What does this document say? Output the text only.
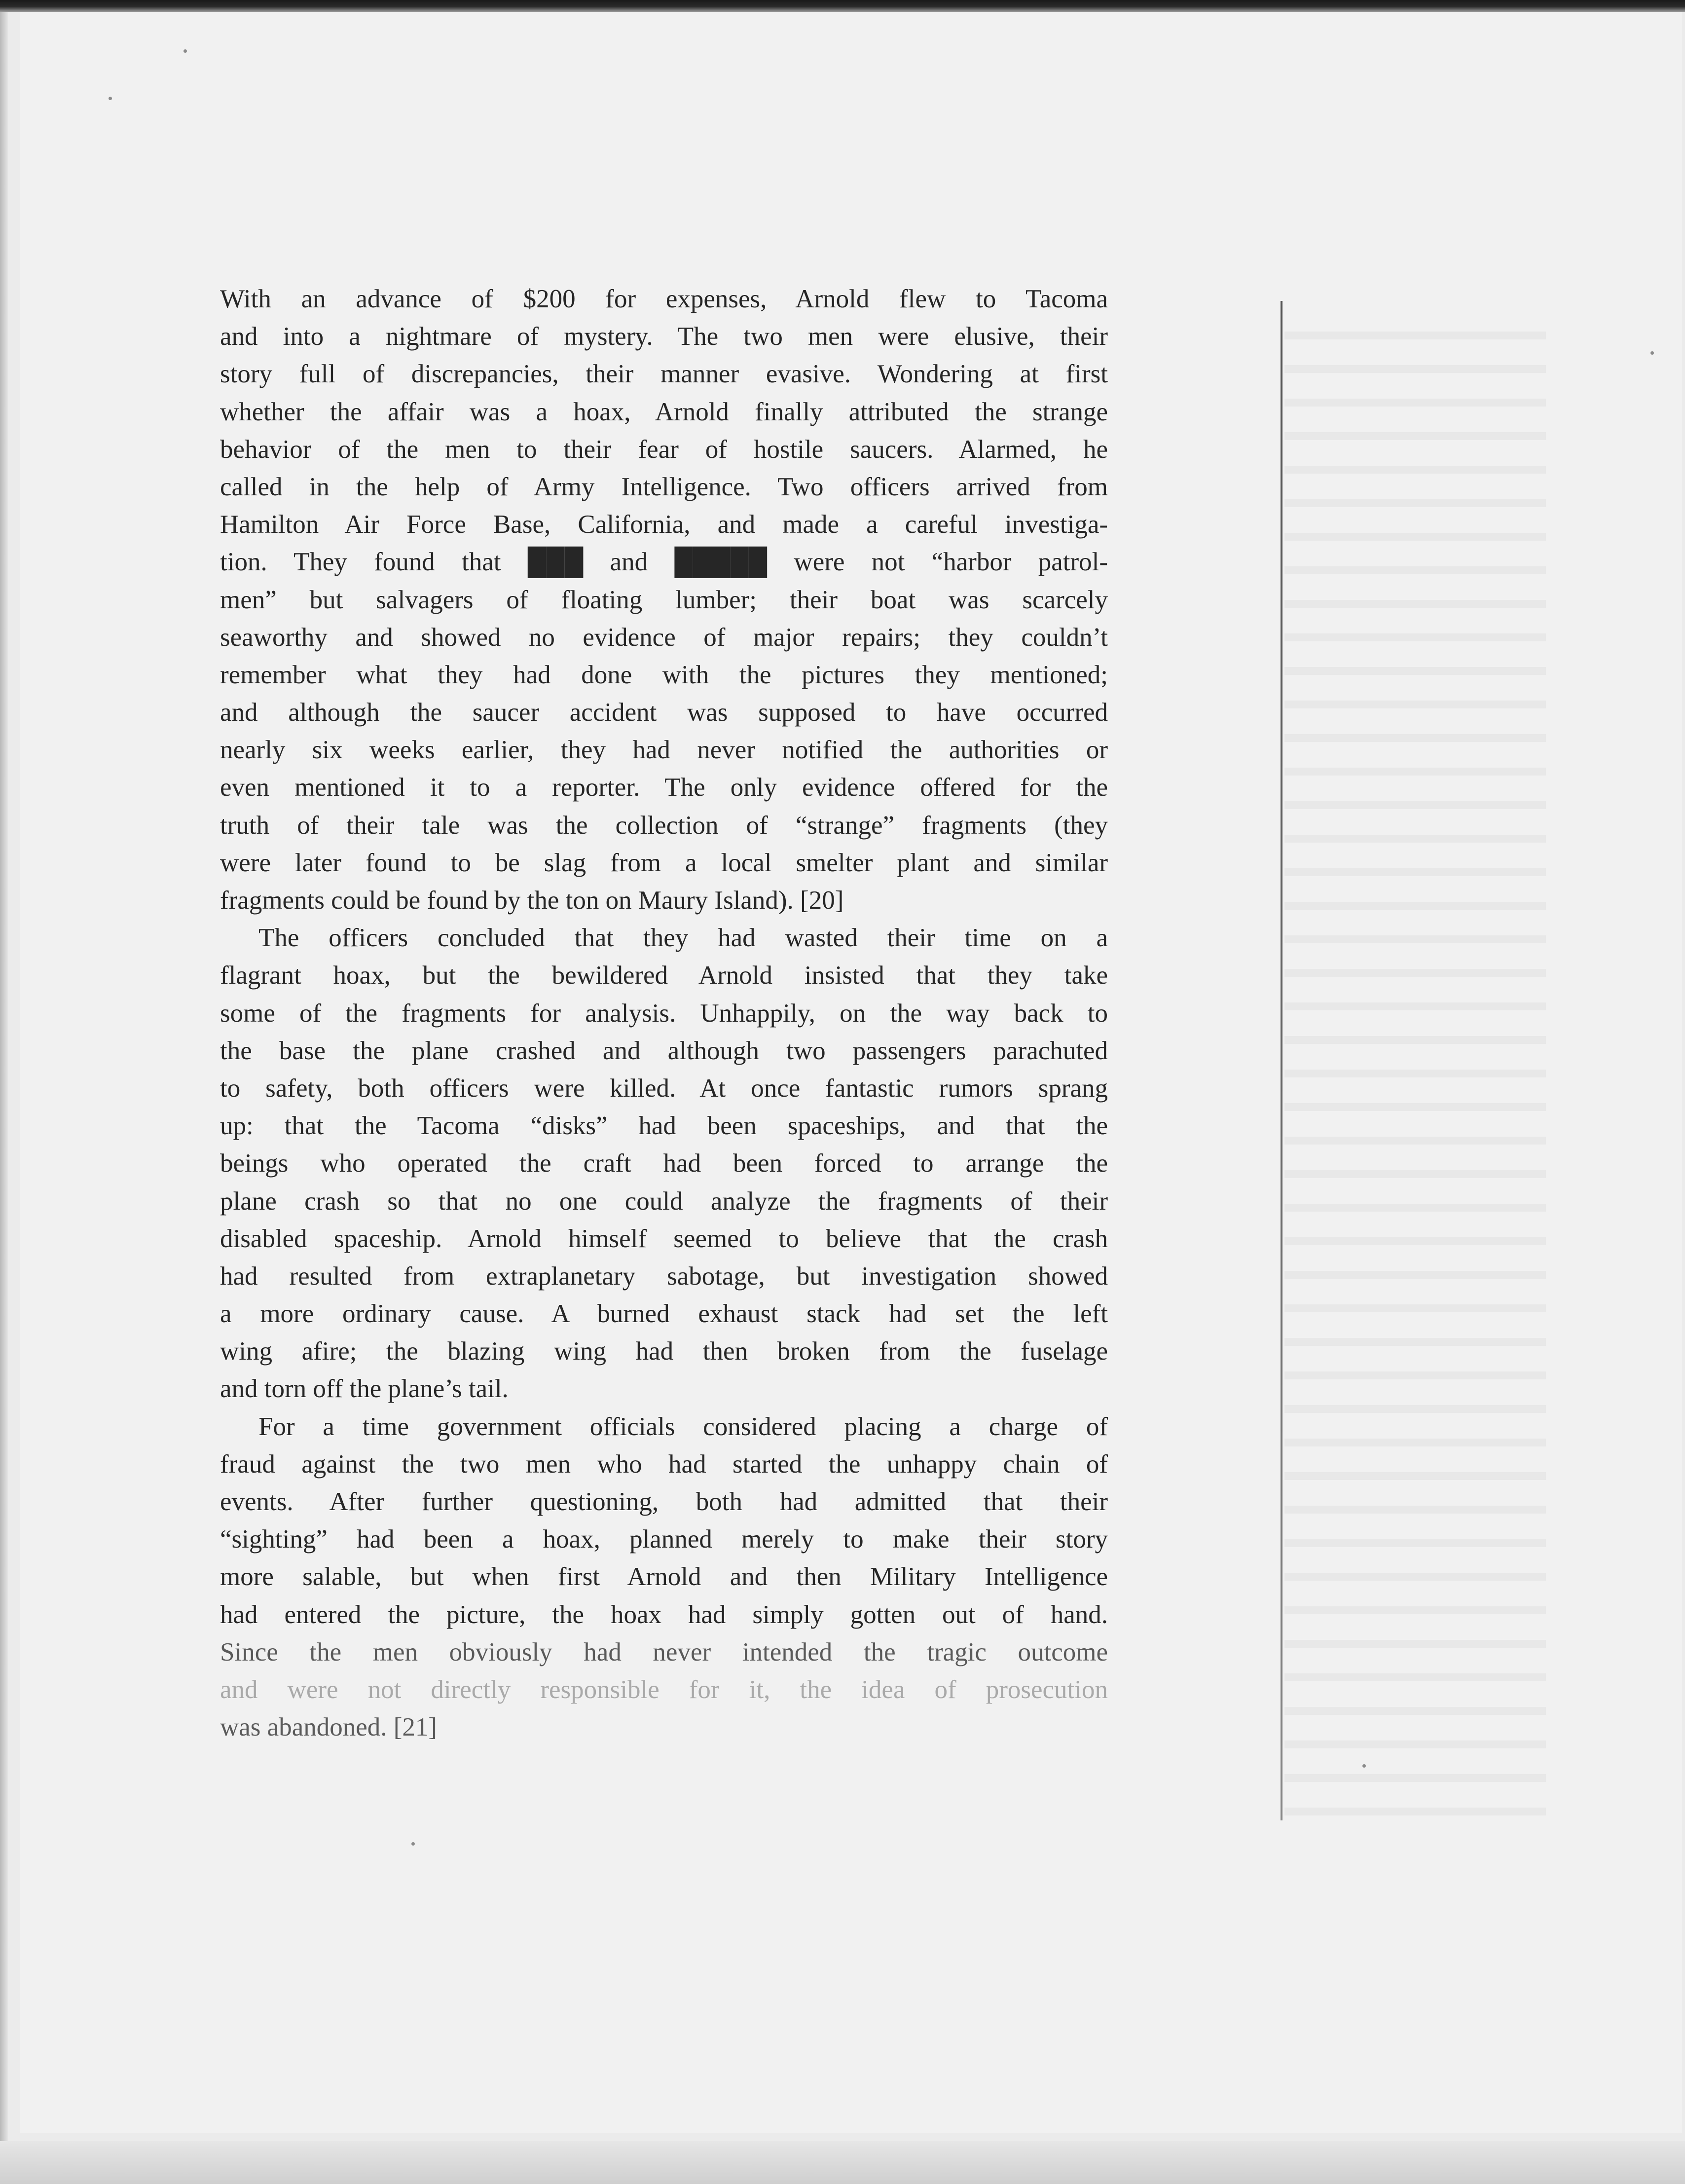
With an advance of $200 for expenses, Arnold flew to Tacoma
and into a nightmare of mystery. The two men were elusive, their
story full of discrepancies, their manner evasive. Wondering at first
whether the affair was a hoax, Arnold finally attributed the strange
behavior of the men to their fear of hostile saucers. Alarmed, he
called in the help of Army Intelligence. Two officers arrived from
Hamilton Air Force Base, California, and made a careful investiga-
tion. They found that ███ and █████ were not “harbor patrol-
men” but salvagers of floating lumber; their boat was scarcely
seaworthy and showed no evidence of major repairs; they couldn’t
remember what they had done with the pictures they mentioned;
and although the saucer accident was supposed to have occurred
nearly six weeks earlier, they had never notified the authorities or
even mentioned it to a reporter. The only evidence offered for the
truth of their tale was the collection of “strange” fragments (they
were later found to be slag from a local smelter plant and similar
fragments could be found by the ton on Maury Island). [20]
The officers concluded that they had wasted their time on a
flagrant hoax, but the bewildered Arnold insisted that they take
some of the fragments for analysis. Unhappily, on the way back to
the base the plane crashed and although two passengers parachuted
to safety, both officers were killed. At once fantastic rumors sprang
up: that the Tacoma “disks” had been spaceships, and that the
beings who operated the craft had been forced to arrange the
plane crash so that no one could analyze the fragments of their
disabled spaceship. Arnold himself seemed to believe that the crash
had resulted from extraplanetary sabotage, but investigation showed
a more ordinary cause. A burned exhaust stack had set the left
wing afire; the blazing wing had then broken from the fuselage
and torn off the plane’s tail.
For a time government officials considered placing a charge of
fraud against the two men who had started the unhappy chain of
events. After further questioning, both had admitted that their
“sighting” had been a hoax, planned merely to make their story
more salable, but when first Arnold and then Military Intelligence
had entered the picture, the hoax had simply gotten out of hand.
Since the men obviously had never intended the tragic outcome
and were not directly responsible for it, the idea of prosecution
was abandoned. [21]
